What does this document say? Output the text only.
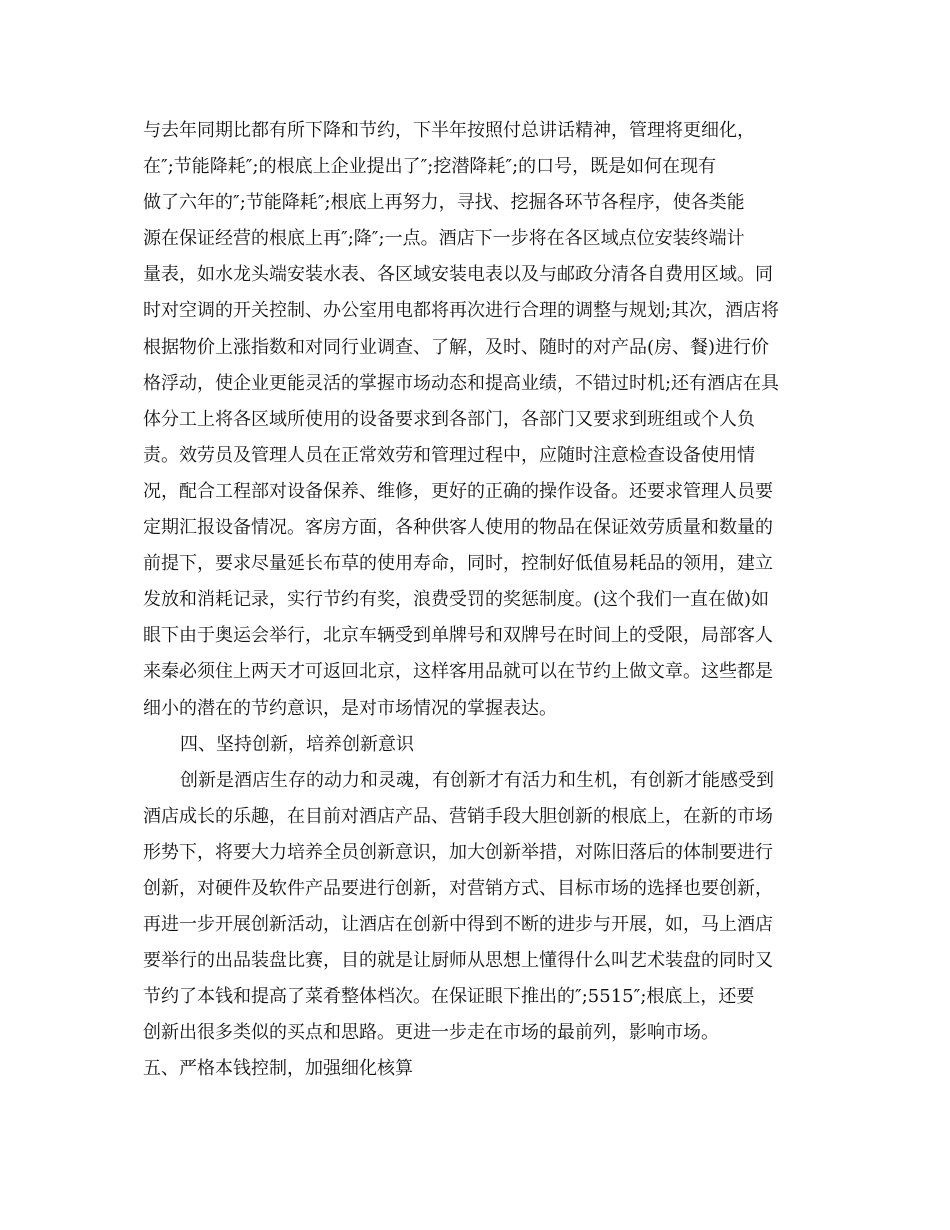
与去年同期比都有所下降和节约，下半年按照付总讲话精神，管理将更细化，
在″;节能降耗″;的根底上企业提出了″;挖潜降耗″;的口号，既是如何在现有
做了六年的″;节能降耗″;根底上再努力，寻找、挖掘各环节各程序，使各类能
源在保证经营的根底上再″;降″;一点。酒店下一步将在各区域点位安装终端计
量表，如水龙头端安装水表、各区域安装电表以及与邮政分清各自费用区域。同
时对空调的开关控制、办公室用电都将再次进行合理的调整与规划;其次，酒店将
根据物价上涨指数和对同行业调查、了解，及时、随时的对产品(房、餐)进行价
格浮动，使企业更能灵活的掌握市场动态和提高业绩，不错过时机;还有酒店在具
体分工上将各区域所使用的设备要求到各部门，各部门又要求到班组或个人负
责。效劳员及管理人员在正常效劳和管理过程中，应随时注意检查设备使用情
况，配合工程部对设备保养、维修，更好的正确的操作设备。还要求管理人员要
定期汇报设备情况。客房方面，各种供客人使用的物品在保证效劳质量和数量的
前提下，要求尽量延长布草的使用寿命，同时，控制好低值易耗品的领用，建立
发放和消耗记录，实行节约有奖，浪费受罚的奖惩制度。(这个我们一直在做)如
眼下由于奥运会举行，北京车辆受到单牌号和双牌号在时间上的受限，局部客人
来秦必须住上两天才可返回北京，这样客用品就可以在节约上做文章。这些都是
细小的潜在的节约意识，是对市场情况的掌握表达。
四、坚持创新，培养创新意识
创新是酒店生存的动力和灵魂，有创新才有活力和生机，有创新才能感受到
酒店成长的乐趣，在目前对酒店产品、营销手段大胆创新的根底上，在新的市场
形势下，将要大力培养全员创新意识，加大创新举措，对陈旧落后的体制要进行
创新，对硬件及软件产品要进行创新，对营销方式、目标市场的选择也要创新，
再进一步开展创新活动，让酒店在创新中得到不断的进步与开展，如，马上酒店
要举行的出品装盘比赛，目的就是让厨师从思想上懂得什么叫艺术装盘的同时又
节约了本钱和提高了菜肴整体档次。在保证眼下推出的″;5515″;根底上，还要
创新出很多类似的买点和思路。更进一步走在市场的最前列，影响市场。
五、严格本钱控制，加强细化核算
